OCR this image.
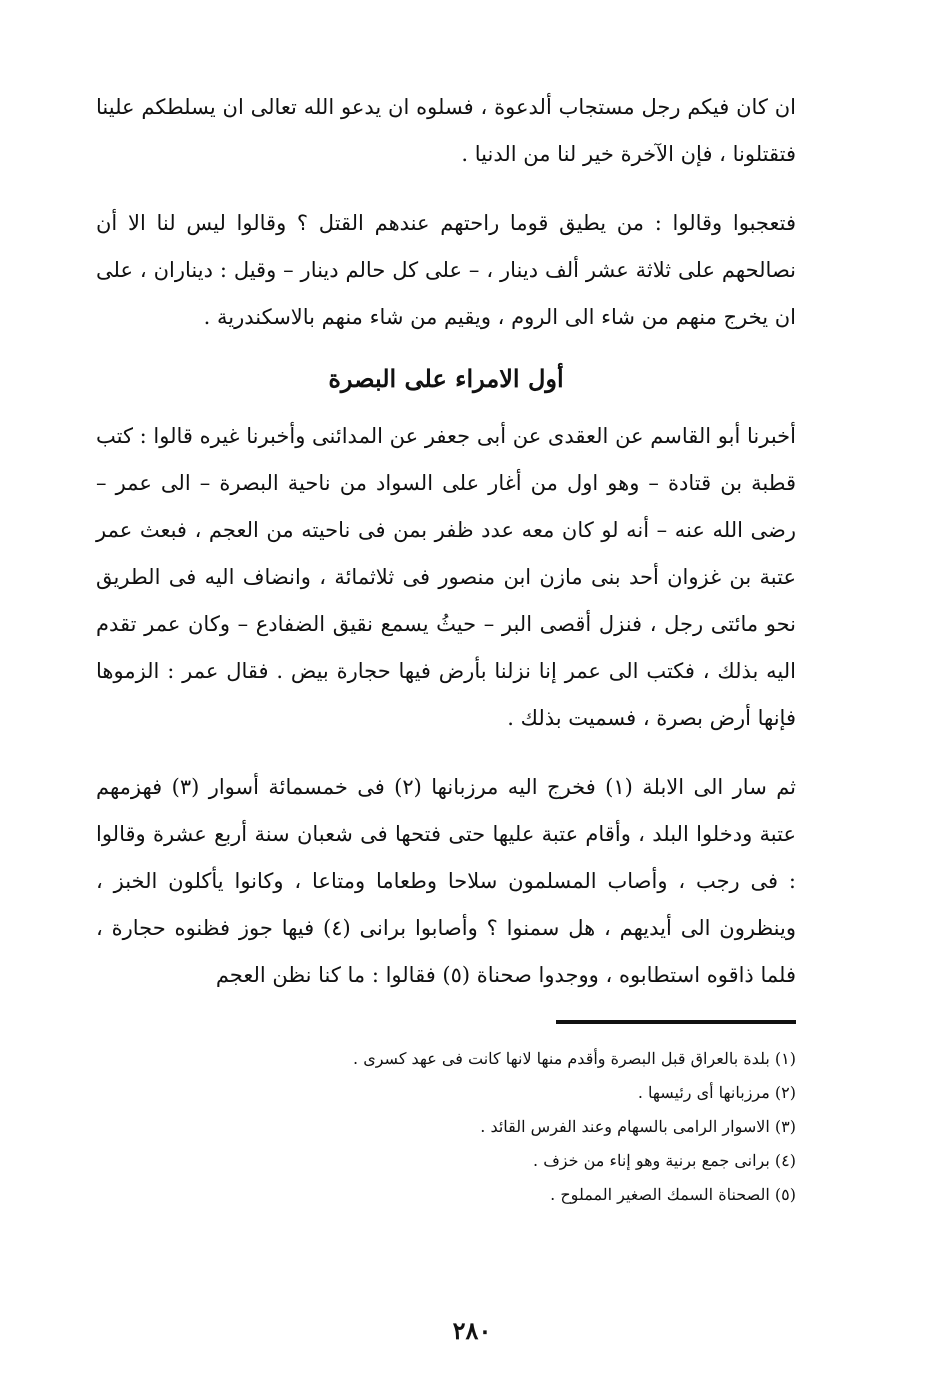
ان كان فيكم رجل مستجاب ألدعوة ، فسلوه ان يدعو الله تعالى ان يسلطكم علينا فتقتلونا ، فإن الآخرة خير لنا من الدنيا .

فتعجبوا وقالوا : من يطيق قوما راحتهم عندهم القتل ؟ وقالوا ليس لنا الا أن نصالحهم على ثلاثة عشر ألف دينار ، – على كل حالم دينار – وقيل : ديناران ، على ان يخرج منهم من شاء الى الروم ، ويقيم من شاء منهم بالاسكندرية .

أول الامراء على البصرة

أخبرنا أبو القاسم عن العقدى عن أبى جعفر عن المدائنى وأخبرنا غيره قالوا : كتب قطبة بن قتادة – وهو اول من أغار على السواد من ناحية البصرة – الى عمر – رضى الله عنه – أنه لو كان معه عدد ظفر بمن فى ناحيته من العجم ، فبعث عمر عتبة بن غزوان أحد بنى مازن ابن منصور فى ثلاثمائة ، وانضاف اليه فى الطريق نحو مائتى رجل ، فنزل أقصى البر – حيثُ يسمع نقيق الضفادع – وكان عمر تقدم اليه بذلك ، فكتب الى عمر إنا نزلنا بأرض فيها حجارة بيض . فقال عمر : الزموها فإنها أرض بصرة ، فسميت بذلك .

ثم سار الى الابلة (١) فخرج اليه مرزبانها (٢) فى خمسمائة أسوار (٣) فهزمهم عتبة ودخلوا البلد ، وأقام عتبة عليها حتى فتحها فى شعبان سنة أربع عشرة وقالوا : فى رجب ، وأصاب المسلمون سلاحا وطعاما ومتاعا ، وكانوا يأكلون الخبز ، وينظرون الى أيديهم ، هل سمنوا ؟ وأصابوا برانى (٤) فيها جوز فظنوه حجارة ، فلما ذاقوه استطابوه ، ووجدوا صحناة (٥) فقالوا : ما كنا نظن العجم

(١) بلدة بالعراق قبل البصرة وأقدم منها لانها كانت فى عهد كسرى .

(٢) مرزبانها أى رئيسها .

(٣) الاسوار الرامى بالسهام وعند الفرس القائد .

(٤) برانى جمع برنية وهو إناء من خزف .

(٥) الصحناة السمك الصغير المملوح .

٢٨٠
